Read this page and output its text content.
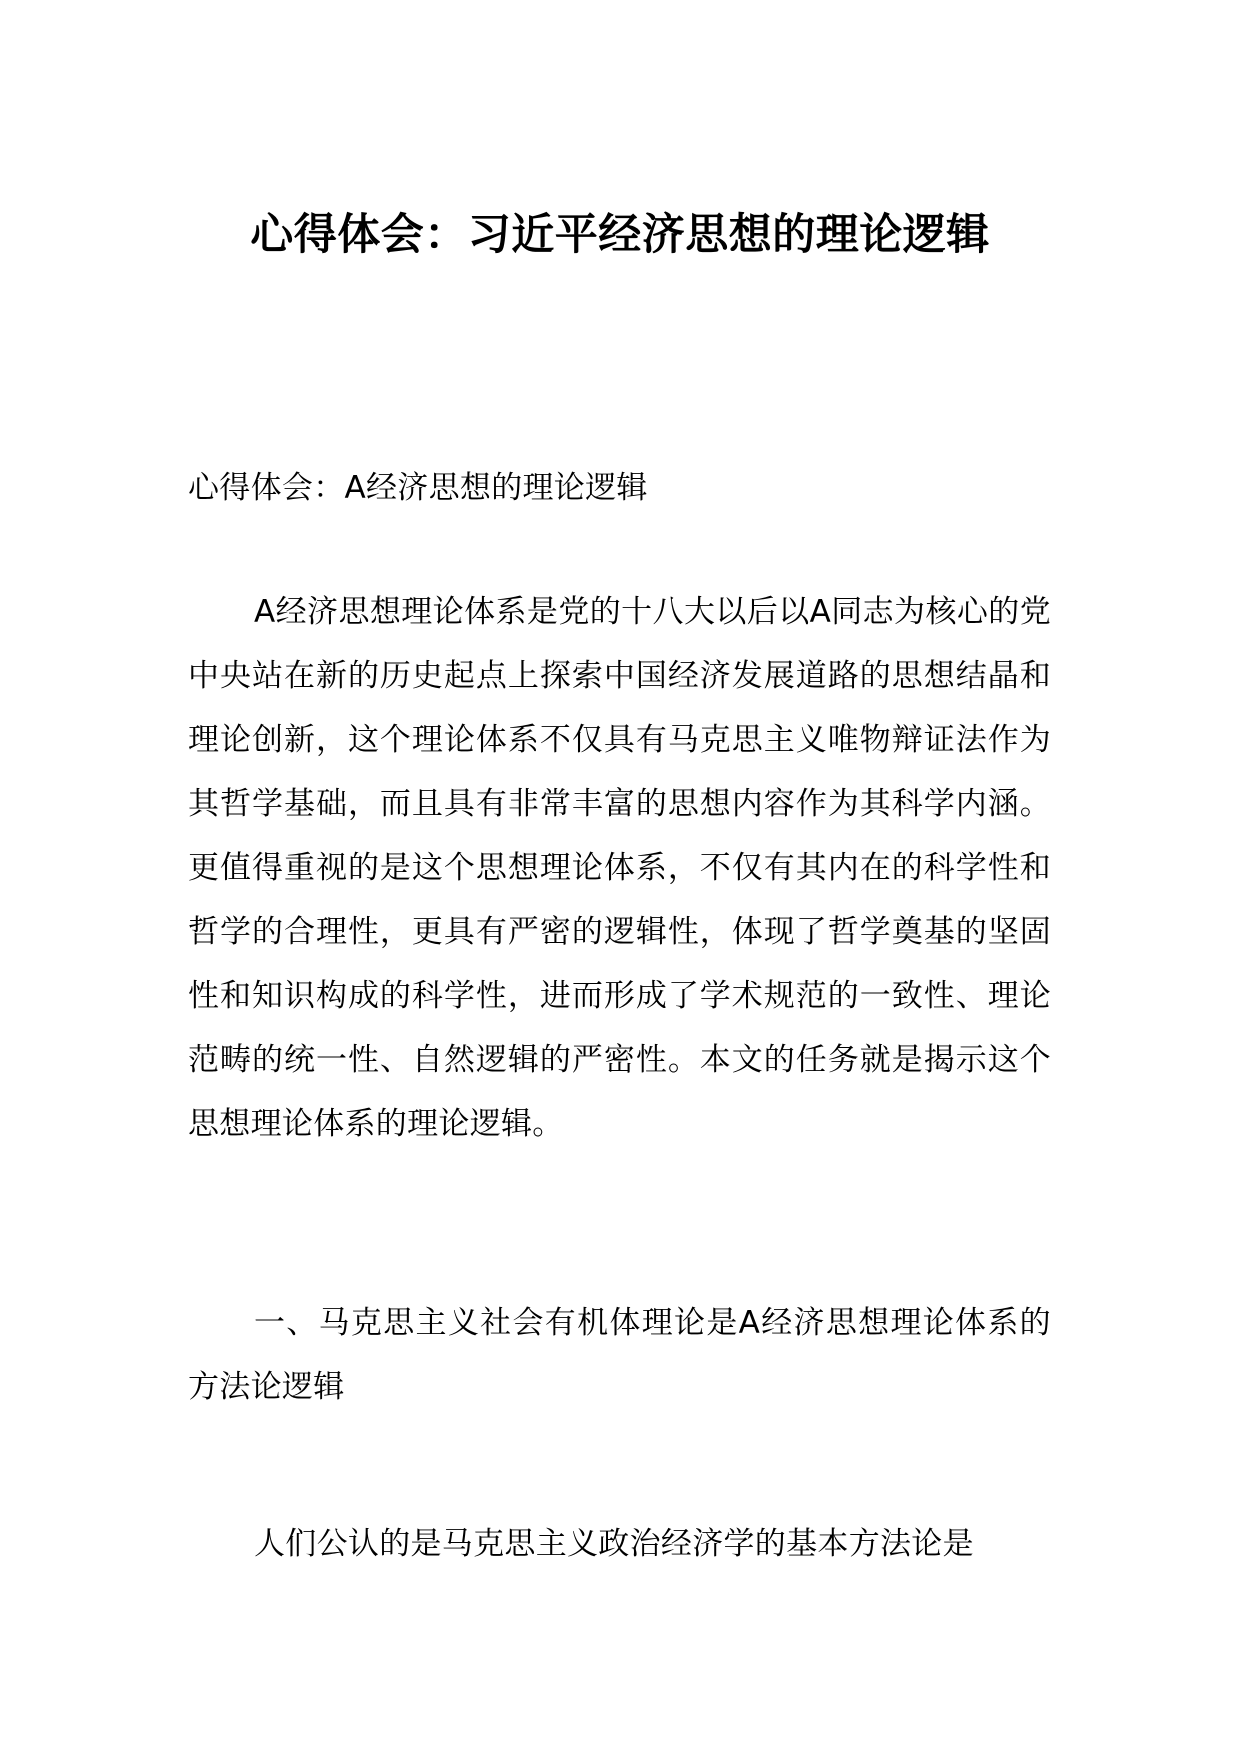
心得体会：习近平经济思想的理论逻辑
心得体会：A经济思想的理论逻辑
A经济思想理论体系是党的十八大以后以A同志为核心的党中央站在新的历史起点上探索中国经济发展道路的思想结晶和理论创新，这个理论体系不仅具有马克思主义唯物辩证法作为其哲学基础，而且具有非常丰富的思想内容作为其科学内涵。更值得重视的是这个思想理论体系，不仅有其内在的科学性和哲学的合理性，更具有严密的逻辑性，体现了哲学奠基的坚固性和知识构成的科学性，进而形成了学术规范的一致性、理论范畴的统一性、自然逻辑的严密性。本文的任务就是揭示这个思想理论体系的理论逻辑。
一、马克思主义社会有机体理论是A经济思想理论体系的方法论逻辑
人们公认的是马克思主义政治经济学的基本方法论是
